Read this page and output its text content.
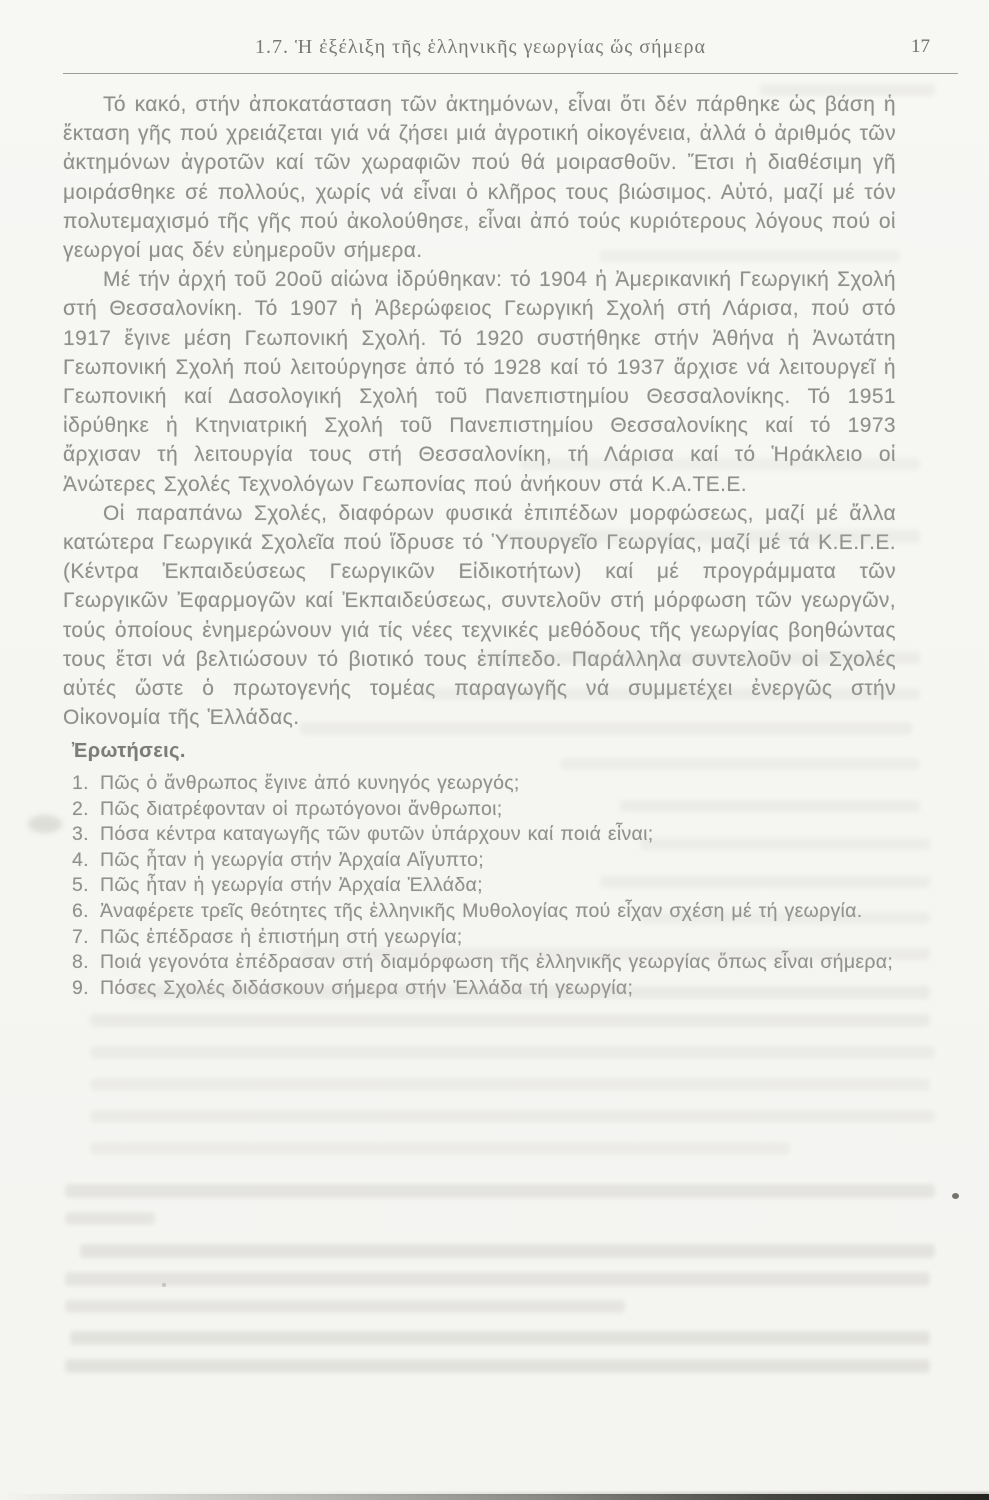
1.7. Ἡ ἐξέλιξη τῆς ἑλληνικῆς γεωργίας ὥς σήμερα	17

Τό κακό, στήν ἀποκατάσταση τῶν ἀκτημόνων, εἶναι ὅτι δέν πάρθηκε ὡς βάση ἡ ἔκταση γῆς πού χρειάζεται γιά νά ζήσει μιά ἀγροτική οἰκογένεια, ἀλλά ὁ ἀριθμός τῶν ἀκτημόνων ἀγροτῶν καί τῶν χωραφιῶν πού θά μοιρασθοῦν. Ἔτσι ἡ διαθέσιμη γῆ μοιράσθηκε σέ πολλούς, χωρίς νά εἶναι ὁ κλῆρος τους βιώσιμος. Αὐτό, μαζί μέ τόν πολυτεμαχισμό τῆς γῆς πού ἀκολούθησε, εἶναι ἀπό τούς κυριότερους λόγους πού οἱ γεωργοί μας δέν εὐημεροῦν σήμερα.

Μέ τήν ἀρχή τοῦ 20οῦ αἰώνα ἱδρύθηκαν: τό 1904 ἡ Ἀμερικανική Γεωργική Σχολή στή Θεσσαλονίκη. Τό 1907 ἡ Ἀβερώφειος Γεωργική Σχολή στή Λάρισα, πού στό 1917 ἔγινε μέση Γεωπονική Σχολή. Τό 1920 συστήθηκε στήν Ἀθήνα ἡ Ἀνωτάτη Γεωπονική Σχολή πού λειτούργησε ἀπό τό 1928 καί τό 1937 ἄρχισε νά λειτουργεῖ ἡ Γεωπονική καί Δασολογική Σχολή τοῦ Πανεπιστημίου Θεσσαλονίκης. Τό 1951 ἱδρύθηκε ἡ Κτηνιατρική Σχολή τοῦ Πανεπιστημίου Θεσσαλονίκης καί τό 1973 ἄρχισαν τή λειτουργία τους στή Θεσσαλονίκη, τή Λάρισα καί τό Ἡράκλειο οἱ Ἀνώτερες Σχολές Τεχνολόγων Γεωπονίας πού ἀνήκουν στά Κ.Α.ΤΕ.Ε.

Οἱ παραπάνω Σχολές, διαφόρων φυσικά ἐπιπέδων μορφώσεως, μαζί μέ ἄλλα κατώτερα Γεωργικά Σχολεῖα πού ἵδρυσε τό Ὑπουργεῖο Γεωργίας, μαζί μέ τά Κ.Ε.Γ.Ε. (Κέντρα Ἐκπαιδεύσεως Γεωργικῶν Εἰδικοτήτων) καί μέ προγράμματα τῶν Γεωργικῶν Ἐφαρμογῶν καί Ἐκπαιδεύσεως, συντελοῦν στή μόρφωση τῶν γεωργῶν, τούς ὁποίους ἐνημερώνουν γιά τίς νέες τεχνικές μεθόδους τῆς γεωργίας βοηθώντας τους ἔτσι νά βελτιώσουν τό βιοτικό τους ἐπίπεδο. Παράλληλα συντελοῦν οἱ Σχολές αὐτές ὥστε ὁ πρωτογενής τομέας παραγωγῆς νά συμμετέχει ἐνεργῶς στήν Οἰκονομία τῆς Ἑλλάδας.

Ἐρωτήσεις.

1. Πῶς ὁ ἄνθρωπος ἔγινε ἀπό κυνηγός γεωργός;
2. Πῶς διατρέφονταν οἱ πρωτόγονοι ἄνθρωποι;
3. Πόσα κέντρα καταγωγῆς τῶν φυτῶν ὑπάρχουν καί ποιά εἶναι;
4. Πῶς ἦταν ἡ γεωργία στήν Ἀρχαία Αἴγυπτο;
5. Πῶς ἦταν ἡ γεωργία στήν Ἀρχαία Ἑλλάδα;
6. Ἀναφέρετε τρεῖς θεότητες τῆς ἑλληνικῆς Μυθολογίας πού εἶχαν σχέση μέ τή γεωργία.
7. Πῶς ἐπέδρασε ἡ ἐπιστήμη στή γεωργία;
8. Ποιά γεγονότα ἐπέδρασαν στή διαμόρφωση τῆς ἑλληνικῆς γεωργίας ὅπως εἶναι σήμερα;
9. Πόσες Σχολές διδάσκουν σήμερα στήν Ἑλλάδα τή γεωργία;
